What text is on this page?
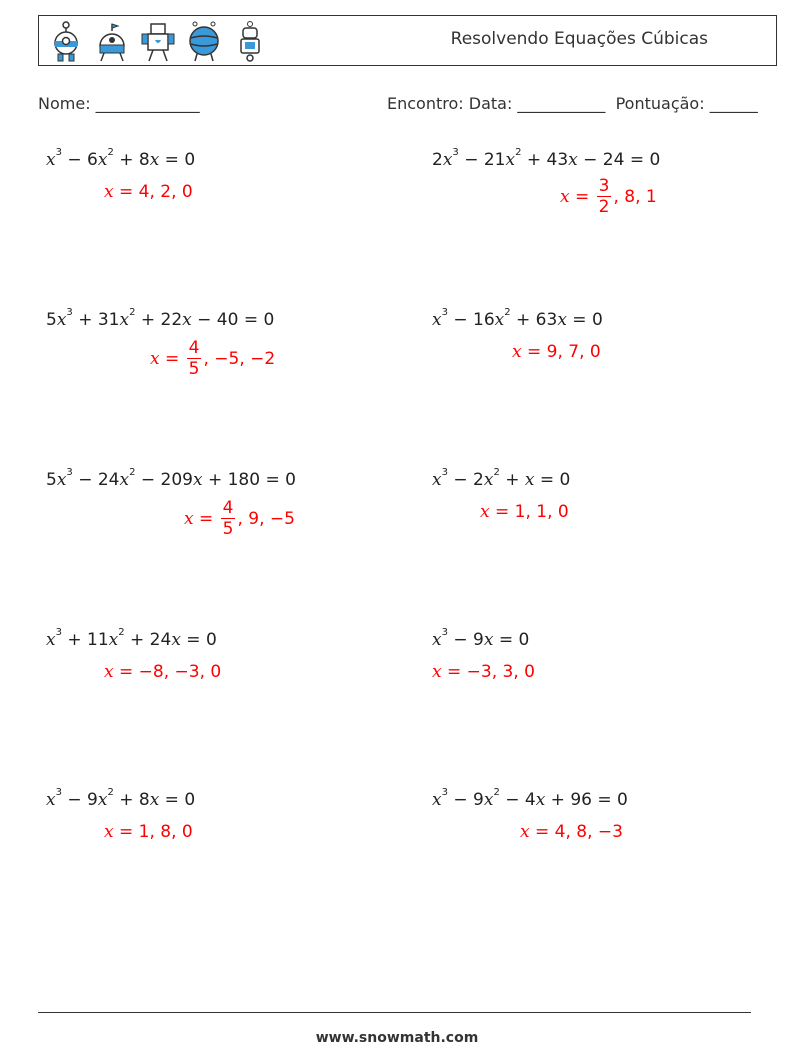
Resolvendo Equações Cúbicas
Nome: _____________	Encontro: Data: ___________  Pontuação: ______
$x^3 - 6x^2 + 8x = 0$
x = 4, 2, 0
$2x^3 - 21x^2 + 43x - 24 = 0$
$x = \frac{3}{2}$ , 8, 1
$5x^3 + 31x^2 + 22x - 40 = 0$
$x = \frac{4}{5}$ , −5, −2
$x^3 - 16x^2 + 63x = 0$
x = 9, 7, 0
$5x^3 - 24x^2 - 209x + 180 = 0$
$x = \frac{4}{5}$ , 9, −5
$x^3 - 2x^2 + x = 0$
x = 1, 1, 0
$x^3 + 11x^2 + 24x = 0$
x = −8, −3, 0
$x^3 - 9x = 0$
x = −3, 3, 0
$x^3 - 9x^2 + 8x = 0$
x = 1, 8, 0
$x^3 - 9x^2 - 4x + 96 = 0$
x = 4, 8, −3
www.snowmath.com
